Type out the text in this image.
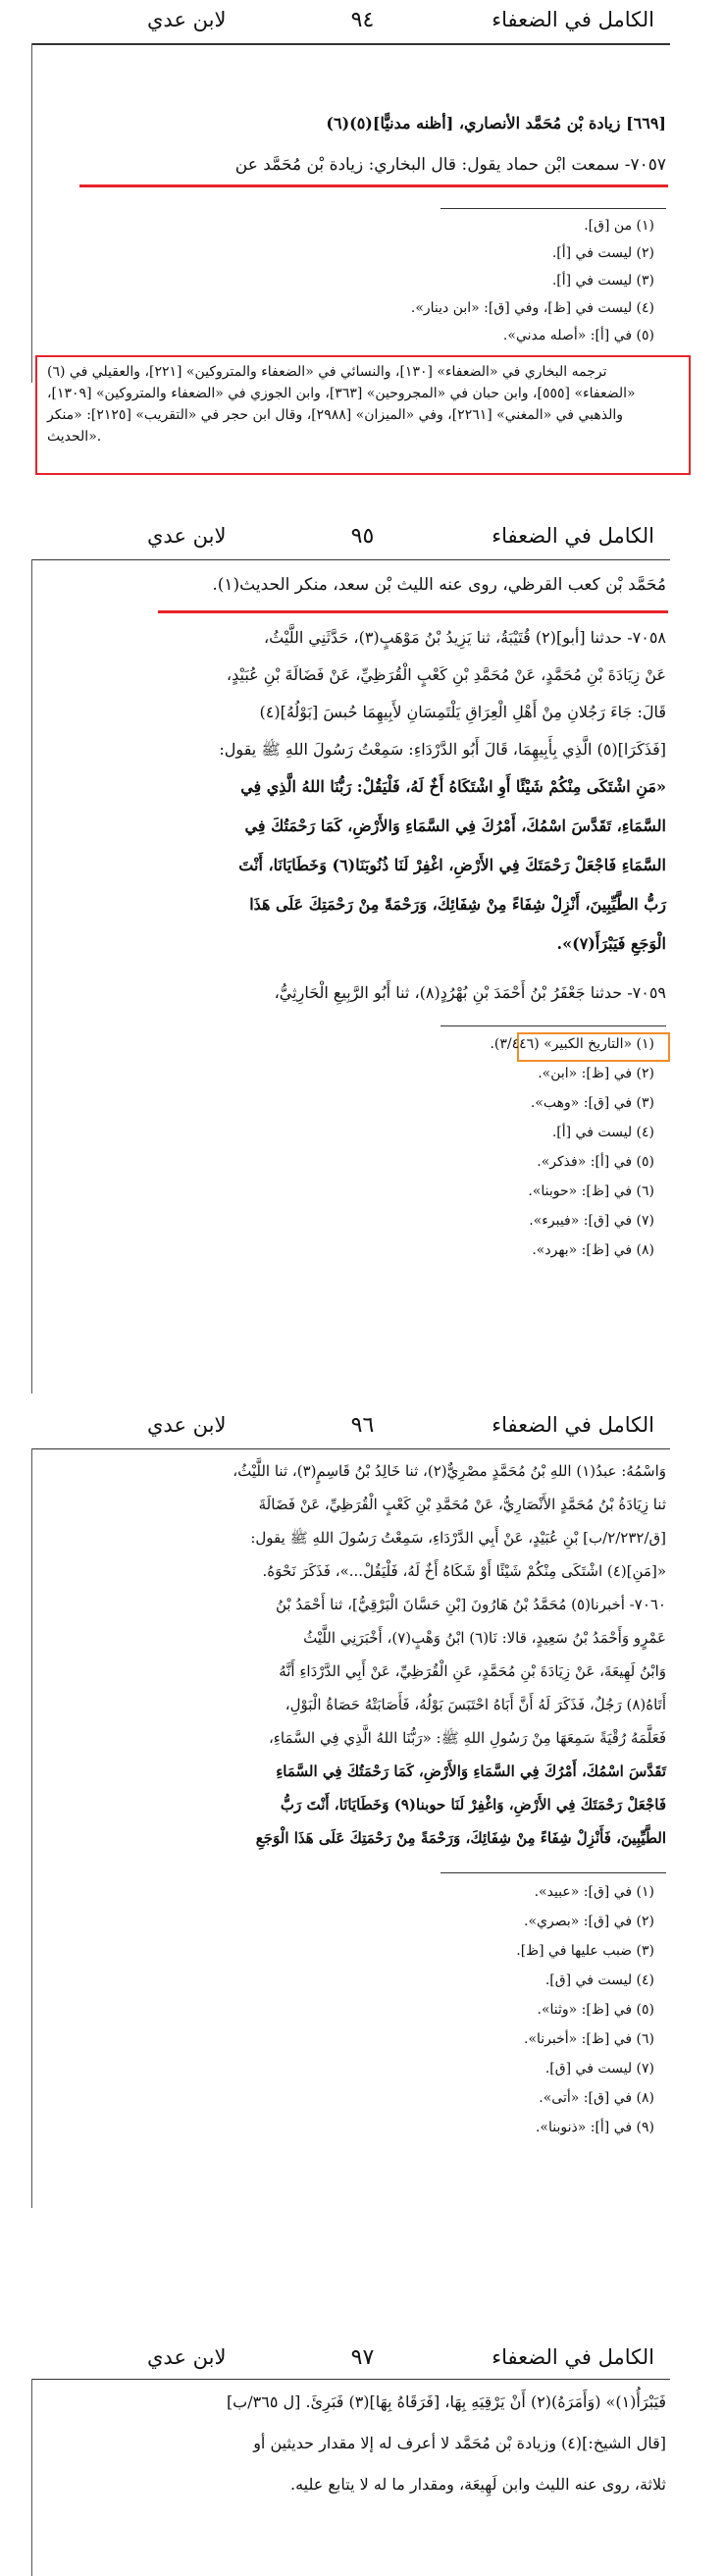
الكامل في الضعفاء
٩٤
لابن عدي
[٦٦٩] زيادة بْن مُحَمَّد الأنصاري، [أظنه مدنيًّا](٥)(٦)
٧٠٥٧- سمعت ابْن حماد يقول: قال البخاري: زيادة بْن مُحَمَّد عن
(١) من [ق].
(٢) ليست في [أ].
(٣) ليست في [أ].
(٤) ليست في [ظ]، وفي [ق]: «ابن دينار».
(٥) في [أ]: «أصله مدني».
(٦) ترجمه البخاري في «الضعفاء» [١٣٠]، والنسائي في «الضعفاء والمتروكين» [٢٢١]، والعقيلي في «الضعفاء» [٥٥٥]، وابن حبان في «المجروحين» [٣٦٣]، وابن الجوزي في «الضعفاء والمتروكين» [١٣٠٩]، والذهبي في «المغني» [٢٢٦١]، وفي «الميزان» [٢٩٨٨]، وقال ابن حجر في «التقريب» [٢١٢٥]: «منكر الحديث».
الكامل في الضعفاء
٩٥
لابن عدي
مُحَمَّد بْن كعب القرظي، روى عنه الليث بْن سعد، منكر الحديث(١).
٧٠٥٨- حدثنا [أبو](٢) قُتَيْبَةُ، ثنا يَزِيدُ بْنُ مَوْهَبٍ(٣)، حَدَّثَنِي اللَّيْثُ،
عَنْ زِيَادَةَ بْنِ مُحَمَّدٍ، عَنْ مُحَمَّدِ بْنِ كَعْبٍ الْقُرَظِيِّ، عَنْ فَضَالَةَ بْنِ عُبَيْدٍ،
قَالَ: جَاءَ رَجُلانِ مِنْ أَهْلِ الْعِرَاقِ يَلْتَمِسَانِ لأَبِيهِمَا حُبسَ [بَوْلُهُ](٤)
[فَذَكَرَا](٥) الَّذِي بِأَبِيهِمَا، قَالَ أَبُو الدَّرْدَاءِ: سَمِعْتُ رَسُولَ اللهِ ﷺ يقول:
«مَنِ اشْتَكَى مِنْكُمْ شَيْئًا أَوِ اشْتَكَاهُ أَخٌ لَهُ، فَلْيَقُلْ: رَبُّنَا اللهُ الَّذِي فِي
السَّمَاءِ، تَقَدَّسَ اسْمُكَ، أَمْرُكَ فِي السَّمَاءِ وَالأَرْضِ، كَمَا رَحْمَتُكَ فِي
السَّمَاءِ فَاجْعَلْ رَحْمَتَكَ فِي الأَرْضِ، اغْفِرْ لَنَا ذُنُوبَنَا(٦) وَخَطَايَانَا، أَنْتَ
رَبُّ الطَّيِّبِينَ، أَنْزِلْ شِفَاءً مِنْ شِفَائِكَ، وَرَحْمَةً مِنْ رَحْمَتِكَ عَلَى هَذَا
الْوَجَعِ فَيَبْرَأَ(٧)».
٧٠٥٩- حدثنا جَعْفَرُ بْنُ أَحْمَدَ بْنِ بُهْرُدٍ(٨)، ثنا أَبُو الرَّبِيعِ الْحَارِثِيُّ،
(١) «التاريخ الكبير» (٣/٤٤٦).
(٢) في [ظ]: «ابن».
(٣) في [ق]: «وهب».
(٤) ليست في [أ].
(٥) في [أ]: «فذكر».
(٦) في [ظ]: «حوبنا».
(٧) في [ق]: «فيبرء».
(٨) في [ظ]: «بهرد».
الكامل في الضعفاء
٩٦
لابن عدي
وَاسْمُهُ: عبدُ(١) اللهِ بْنُ مُحَمَّدٍ مصْرِيٌّ(٢)، ثنا خَالِدُ بْنُ قَاسِمٍ(٣)، ثنا اللَّيْثُ،
ثنا زِيَادَةُ بْنُ مُحَمَّدٍ الأَنْصَارِيُّ، عَنْ مُحَمَّدِ بْنِ كَعْبٍ الْقُرَظِيِّ، عَنْ فَضَالَةَ
[ق/٢/٢٣٢/ب] بْنِ عُبَيْدٍ، عَنْ أَبِي الدَّرْدَاءِ، سَمِعْتُ رَسُولَ اللهِ ﷺ يقول:
«[مَنِ](٤) اشْتَكَى مِنْكُمْ شَيْئًا أَوْ شَكَاهُ أَخٌ لَهُ، فَلْيَقُلْ...»، فَذَكَرَ نَحْوَهُ.
٧٠٦٠- أخبرنا(٥) مُحَمَّدُ بْنُ هَارُونَ [بْنِ حَسَّانَ الْبَرْقِيُّ]، ثنا أَحْمَدُ بْنُ
عَمْرٍو وَأَحْمَدُ بْنُ سَعِيدٍ، قالا: نَا(٦) ابْنُ وَهْبٍ(٧)، أَخْبَرَنِي اللَّيْثُ
وَابْنُ لَهِيعَةَ، عَنْ زِيَادَةَ بْنِ مُحَمَّدٍ، عَنِ الْقُرَظِيِّ، عَنْ أَبِي الدَّرْدَاءِ أَنَّهُ
أَتَاهُ(٨) رَجُلٌ، فَذَكَرَ لَهُ أَنَّ أَبَاهُ احْتَبَسَ بَوْلُهُ، فَأَصَابَتْهُ حَصَاةُ الْبَوْلِ،
فَعَلَّمَهُ رُقْيَةً سَمِعَهَا مِنْ رَسُولِ اللهِ ﷺ: «رَبُّنَا اللهُ الَّذِي فِي السَّمَاءِ،
تَقَدَّسَ اسْمُكَ، أَمْرُكَ فِي السَّمَاءِ وَالأَرْضِ، كَمَا رَحْمَتُكَ فِي السَّمَاءِ
فَاجْعَلْ رَحْمَتَكَ فِي الأَرْضِ، وَاغْفِرْ لَنَا حوبنا(٩) وَخَطَايَانَا، أَنْتَ رَبُّ
الطَّيِّبِينَ، فَأَنْزِلْ شِفَاءً مِنْ شِفَائِكَ، وَرَحْمَةً مِنْ رَحْمَتِكَ عَلَى هَذَا الْوَجَعِ
(١) في [ق]: «عبيد».
(٢) في [ق]: «بصري».
(٣) ضبب عليها في [ظ].
(٤) ليست في [ق].
(٥) في [ظ]: «وثنا».
(٦) في [ظ]: «أخبرنا».
(٧) ليست في [ق].
(٨) في [ق]: «أتى».
(٩) في [أ]: «ذنوبنا».
الكامل في الضعفاء
٩٧
لابن عدي
فَيَبْرَأُ(١)» (وَأَمَرَهُ)(٢) أَنْ يَرْقِيَهِ بِهَا، [فَرَقَاهُ بِهَا](٣) فَبَرِئَ. [ل ٣٦٥/ب]
[قال الشيخ:](٤) وزيادة بْن مُحَمَّد لا أعرف له إلا مقدار حديثين أو
ثلاثة، روى عنه الليث وابن لَهِيعَة، ومقدار ما له لا يتابع عليه.
